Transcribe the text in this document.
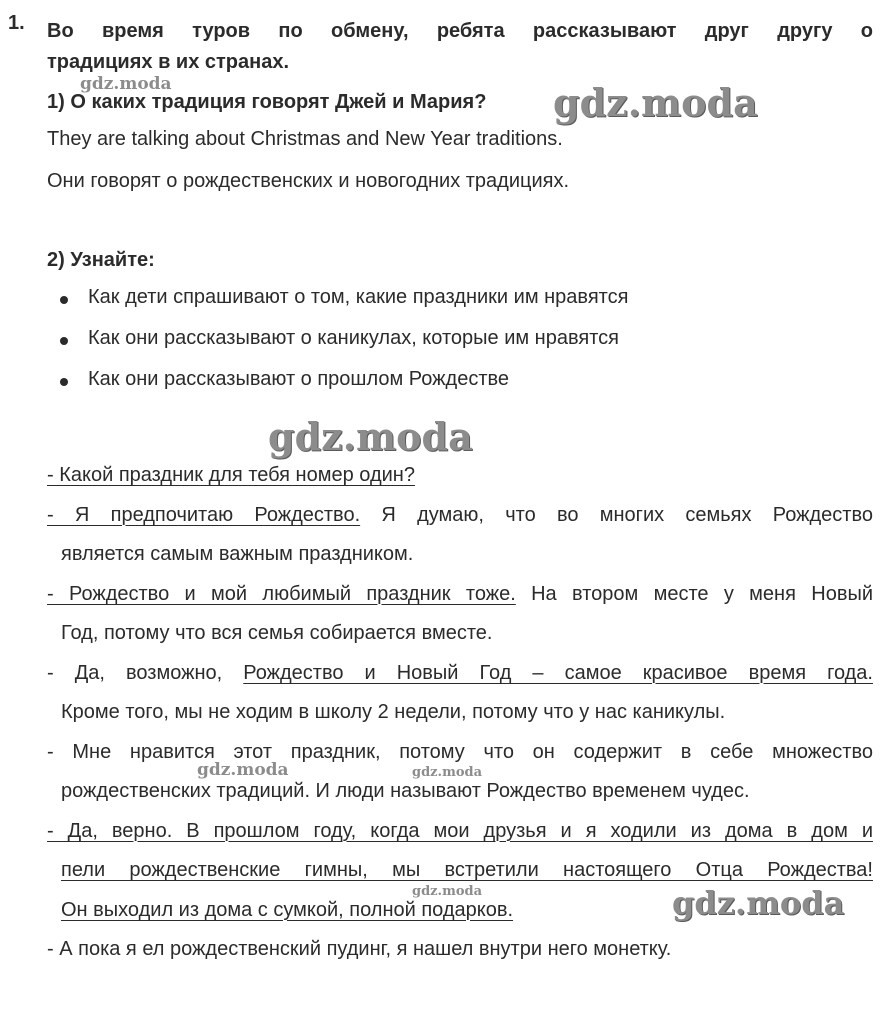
1. Во время туров по обмену, ребята рассказывают друг другу о
традициях в их странах.
1) О каких традиция говорят Джей и Мария?
They are talking about Christmas and New Year traditions.
Они говорят о рождественских и новогодних традициях.
2) Узнайте:
Как дети спрашивают о том, какие праздники им нравятся
Как они рассказывают о каникулах, которые им нравятся
Как они рассказывают о прошлом Рождестве
- Какой праздник для тебя номер один?
- Я предпочитаю Рождество. Я думаю, что во многих семьях Рождество
является самым важным праздником.
- Рождество и мой любимый праздник тоже. На втором месте у меня Новый
Год, потому что вся семья собирается вместе.
- Да, возможно, Рождество и Новый Год – самое красивое время года.
Кроме того, мы не ходим в школу 2 недели, потому что у нас каникулы.
- Мне нравится этот праздник, потому что он содержит в себе множество
рождественских традиций. И люди называют Рождество временем чудес.
- Да, верно. В прошлом году, когда мои друзья и я ходили из дома в дом и
пели рождественские гимны, мы встретили настоящего Отца Рождества!
Он выходил из дома с сумкой, полной подарков.
- А пока я ел рождественский пудинг, я нашел внутри него монетку.
gdz.moda	gdz.moda
gdz.moda
gdz.moda	gdz.moda
gdz.moda	gdz.moda
